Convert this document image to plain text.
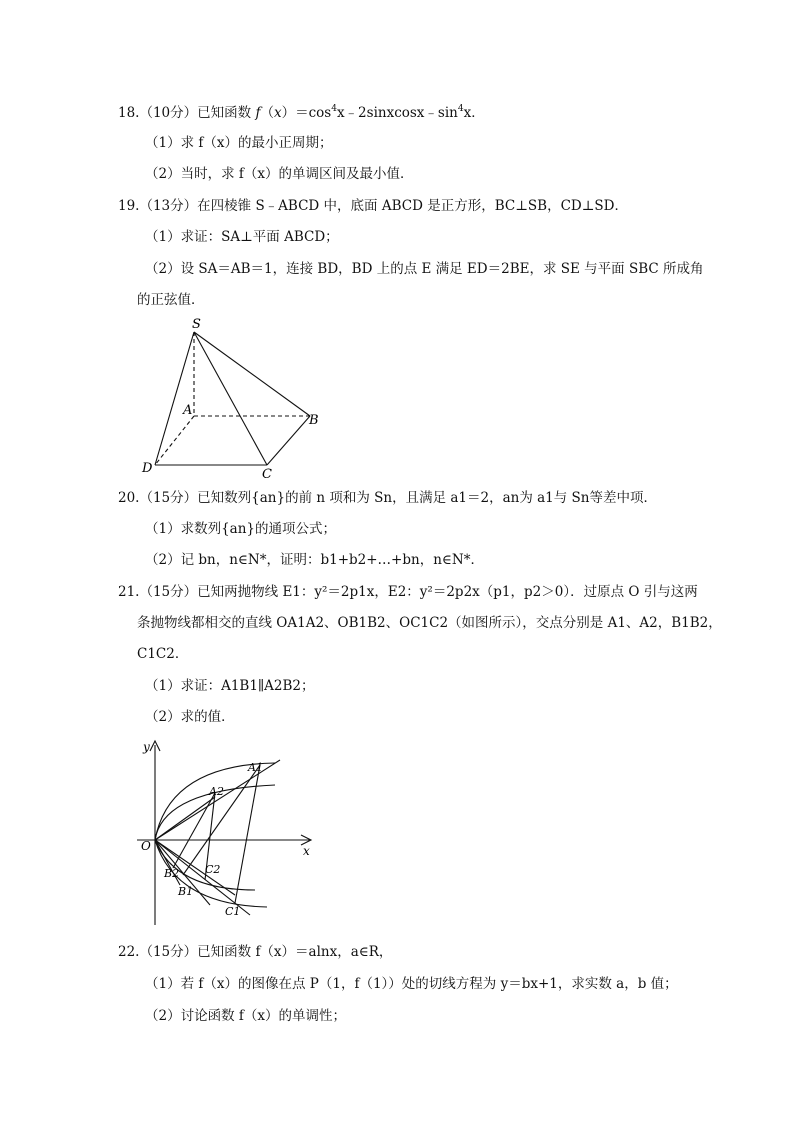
18.（10分）已知函数 $f(x)=\cos^4x﹣2sinxcosx﹣\sin^4x$．
（1）求 f（x）的最小正周期；
（2）当时，求 f（x）的单调区间及最小值．
19.（13分）在四棱锥 S﹣ABCD 中，底面 ABCD 是正方形，BC⊥SB，CD⊥SD．
（1）求证：SA⊥平面 ABCD；
（2）设 SA＝AB＝1，连接 BD，BD 上的点 E 满足 ED＝2BE，求 SE 与平面 SBC 所成角
的正弦值．
S
A
B
C
D
20.（15分）已知数列{an}的前 n 项和为 Sn，且满足 a1＝2，an为 a1与 Sn等差中项．
（1）求数列{an}的通项公式；
（2）记 bn，n∈N*，证明：b1+b2+…+bn，n∈N*．
21.（15分）已知两抛物线 E1：y²＝2p1x，E2：y²＝2p2x（p1，p2＞0）．过原点 O 引与这两
条抛物线都相交的直线 OA1A2、OB1B2、OC1C2（如图所示），交点分别是 A1、A2，B1B2，
C1C2．
（1）求证：A1B1∥A2B2；
（2）求的值．
y
x
O
A1
A2
B1
B2
C1
C2
22.（15分）已知函数 f（x）＝alnx，a∈R，
（1）若 f（x）的图像在点 P（1，f（1））处的切线方程为 y＝bx+1，求实数 a，b 值；
（2）讨论函数 f（x）的单调性；
